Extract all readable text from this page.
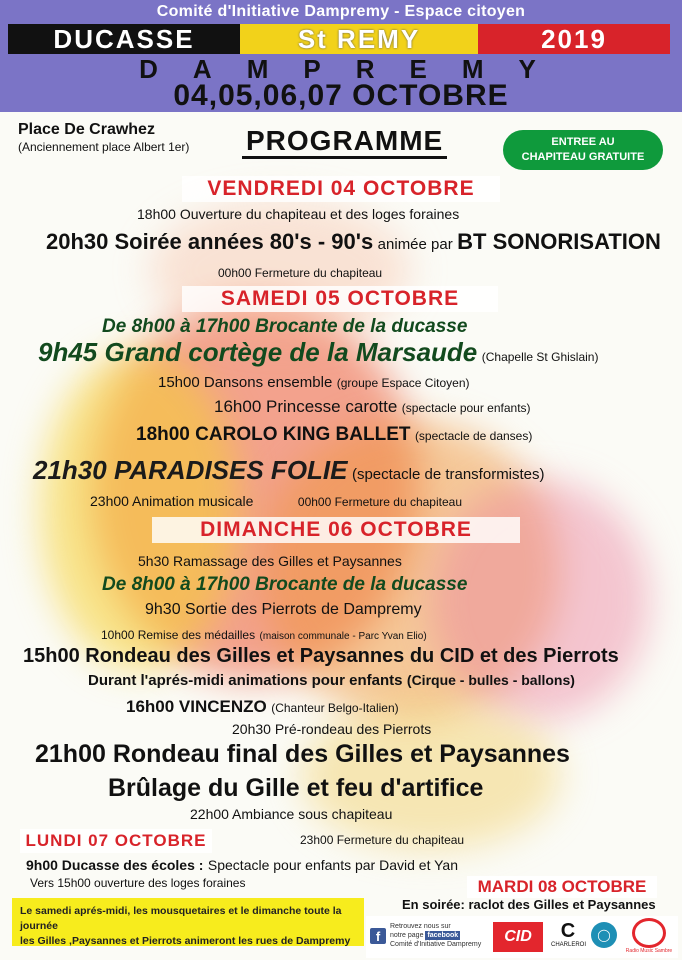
Comité d'Initiative Dampremy - Espace citoyen
DUCASSE	St REMY	2019
DAMPREMY
04,05,06,07 OCTOBRE
Place De Crawhez
(Anciennement place Albert 1er) PROGRAMME	ENTREE AU
CHAPITEAU GRATUITE
VENDREDI 04 OCTOBRE
18h00 Ouverture du chapiteau et des loges foraines
20h30 Soirée années 80's - 90's animée par BT SONORISATION
00h00 Fermeture du chapiteau
SAMEDI 05 OCTOBRE
De 8h00 à 17h00 Brocante de la ducasse
9h45 Grand cortège de la Marsaude (Chapelle St Ghislain)
15h00 Dansons ensemble (groupe Espace Citoyen)
16h00 Princesse carotte (spectacle pour enfants)
18h00 CAROLO KING BALLET (spectacle de danses)
21h30 PARADISES FOLIE (spectacle de transformistes)
23h00 Animation musicale	00h00 Fermeture du chapiteau
DIMANCHE 06 OCTOBRE
5h30 Ramassage des Gilles et Paysannes
De 8h00 à 17h00 Brocante de la ducasse
9h30 Sortie des Pierrots de Dampremy
10h00 Remise des médailles (maison communale - Parc Yvan Elio)
15h00 Rondeau des Gilles et Paysannes du CID et des Pierrots
Durant l'aprés-midi animations pour enfants (Cirque - bulles - ballons)
16h00 VINCENZO (Chanteur Belgo-Italien)
20h30 Pré-rondeau des Pierrots
21h00 Rondeau final des Gilles et Paysannes
Brûlage du Gille et feu d'artifice
22h00 Ambiance sous chapiteau
LUNDI 07 OCTOBRE	23h00 Fermeture du chapiteau
9h00 Ducasse des écoles : Spectacle pour enfants par David et Yan
Vers 15h00 ouverture des loges foraines	MARDI 08 OCTOBRE
En soirée: raclot des Gilles et Paysannes
Le samedi aprés-midi, les mousquetaires et le dimanche toute la journée
les Gilles ,Paysannes et Pierrots animeront les rues de Dampremy	f
Retrouvez nous sur
notre page facebook
Comité d'Initiative Dampremy	CID	C
CHARLEROI
◯
Radio Music Sambre
